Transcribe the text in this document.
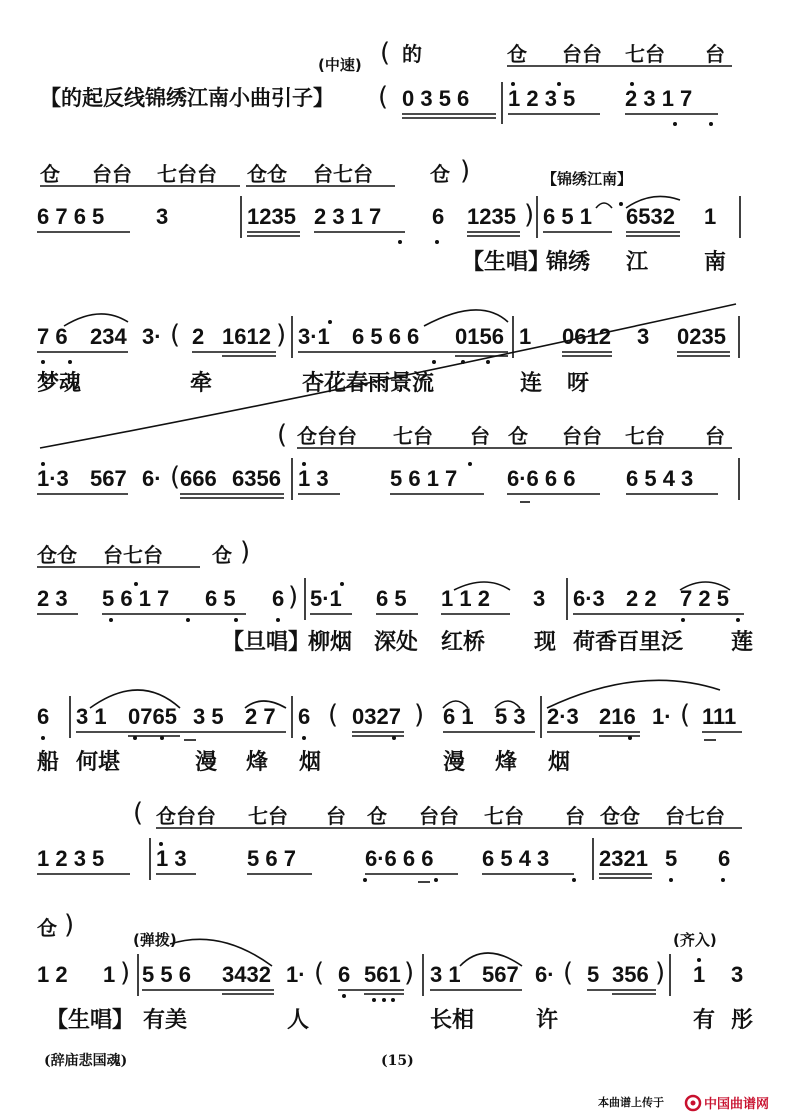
(中速) ( 的	仓 台台 七台 台
【的起反线锦绣江南小曲引子】 ( 0 3 5 6 1 2 3 5 2 3 1 7
仓 台台 七台台 仓仓 台七台	仓 )	【锦绣江南】
6 7 6 5 3	1235 2 3 1 7 6 1235 ) 6 5 1 6532 1
【生唱】
锦绣 江	南
7 6 234 3· ( 2 1612 ) 3·1 6 5 6 6 0156 1 0612 3 0235
梦魂	牵	杏花春雨景流	连 呀
( 仓台台 七台 台 仓 台台 七台 台
1·3 567 6· ( 666 6356 1 3	5 6 1 7 6·6 6 6 6 5 4 3
仓仓 台七台 仓 )
2 3 5 6 1 7 6 5 6 ) 5·1 6 5 1 1 2 3 6·3 2 2 7 2 5
【旦唱】
柳烟 深处 红桥 现 荷香百里泛 莲
6 3 1 0765 3 5 2 7 6 ( 0327 ) 6 1 5 3 2·3 216 1· ( 111
船 何堪	漫 烽 烟	漫 烽 烟
( 仓台台 七台 台 仓 台台 七台 台 仓仓 台七台
1 2 3 5 1 3	5 6 7	6·6 6 6 6 5 4 3 2321 5 6
仓 )	(弹拨)	(齐入)
1 2 1 ) 5 5 6 3432 1· ( 6 561 ) 3 1 567 6· ( 5 356 ) 1 3
【生唱】 有美	人	长相	许	有 彤
(辞庙悲国魂)	(15)
本曲谱上传于	中国曲谱网
